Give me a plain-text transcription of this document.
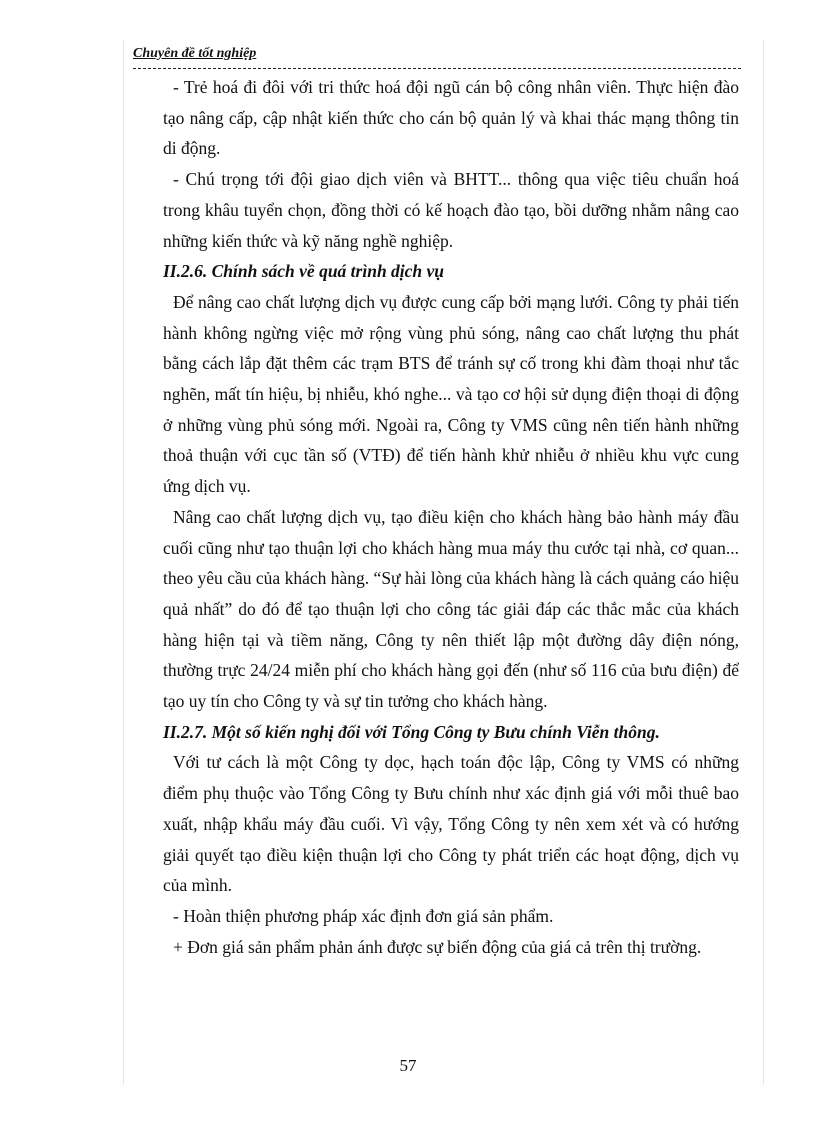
Chuyên đề tốt nghiệp

- Trẻ hoá đi đôi với tri thức hoá đội ngũ cán bộ công nhân viên. Thực hiện đào tạo nâng cấp, cập nhật kiến thức cho cán bộ quản lý và khai thác mạng thông tin di động.

- Chú trọng tới đội giao dịch viên và BHTT... thông qua việc tiêu chuẩn hoá trong khâu tuyển chọn, đồng thời có kế hoạch đào tạo, bồi dưỡng nhằm nâng cao những kiến thức và kỹ năng nghề nghiệp.

II.2.6. Chính sách về quá trình dịch vụ

Để nâng cao chất lượng dịch vụ được cung cấp bởi mạng lưới. Công ty phải tiến hành không ngừng việc mở rộng vùng phủ sóng, nâng cao chất lượng thu phát bằng cách lắp đặt thêm các trạm BTS để tránh sự cố trong khi đàm thoại như tắc nghẽn, mất tín hiệu, bị nhiễu, khó nghe... và tạo cơ hội sử dụng điện thoại di động ở những vùng phủ sóng mới. Ngoài ra, Công ty VMS cũng nên tiến hành những thoả thuận với cục tần số (VTĐ) để tiến hành khử nhiễu ở nhiều khu vực cung ứng dịch vụ.

Nâng cao chất lượng dịch vụ, tạo điều kiện cho khách hàng bảo hành máy đầu cuối cũng như tạo thuận lợi cho khách hàng mua máy thu cước tại nhà, cơ quan... theo yêu cầu của khách hàng. “Sự hài lòng của khách hàng là cách quảng cáo hiệu quả nhất” do đó để tạo thuận lợi cho công tác giải đáp các thắc mắc của khách hàng hiện tại và tiềm năng, Công ty nên thiết lập một đường dây điện nóng, thường trực 24/24 miễn phí cho khách hàng gọi đến (như số 116 của bưu điện) để tạo uy tín cho Công ty và sự tin tưởng cho khách hàng.

II.2.7. Một số kiến nghị đối với Tổng Công ty Bưu chính Viễn thông.

Với tư cách là một Công ty dọc, hạch toán độc lập, Công ty VMS có những điểm phụ thuộc vào Tổng Công ty Bưu chính như xác định giá với mỗi thuê bao xuất, nhập khẩu máy đầu cuối. Vì vậy, Tổng Công ty nên xem xét và có hướng giải quyết tạo điều kiện thuận lợi cho Công ty phát triển các hoạt động, dịch vụ của mình.

- Hoàn thiện phương pháp xác định đơn giá sản phẩm.

+ Đơn giá sản phẩm phản ánh được sự biến động của giá cả trên thị trường.

57
